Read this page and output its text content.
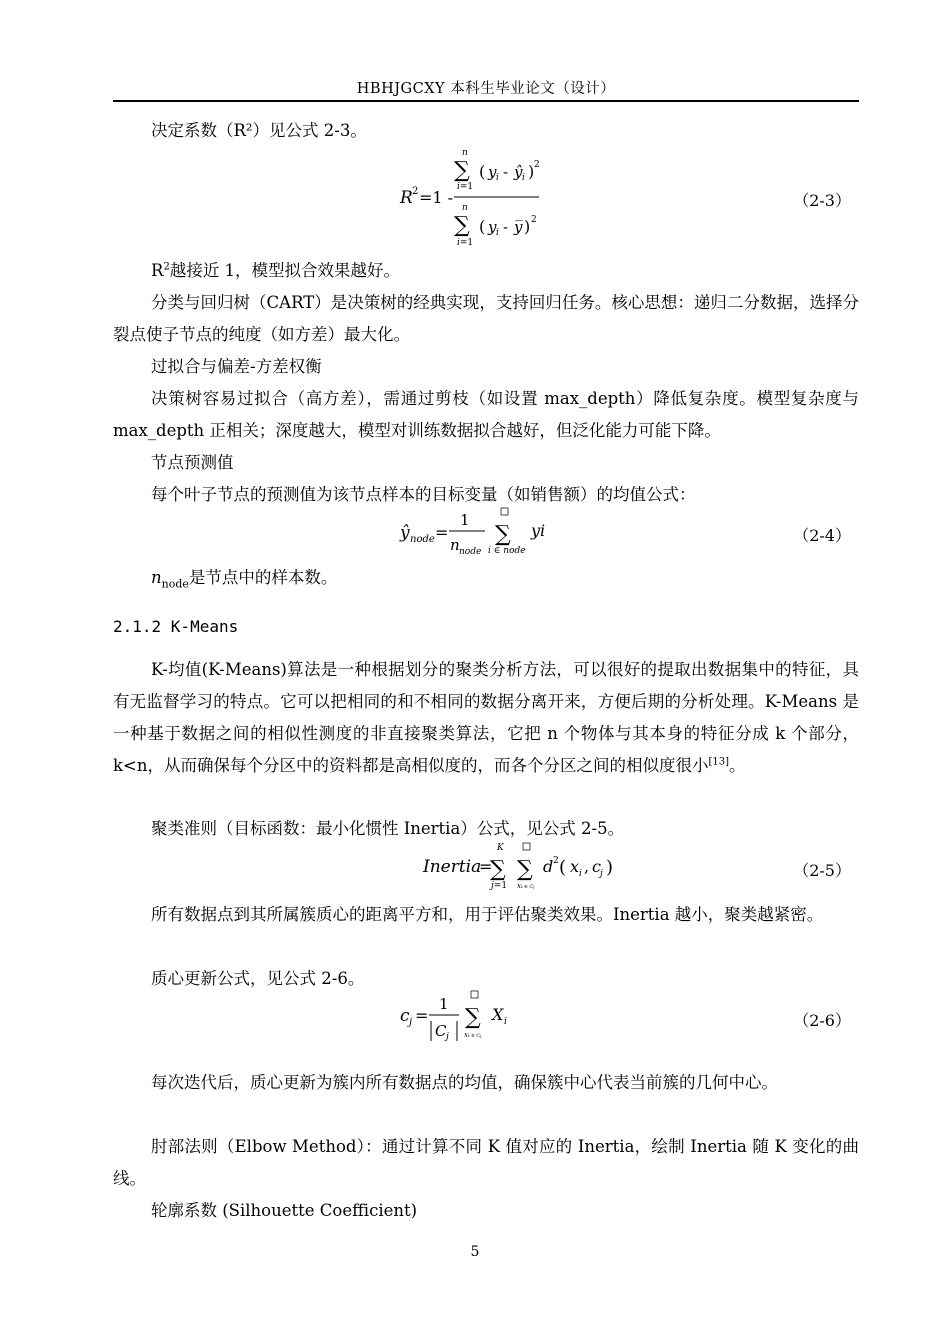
HBHJGCXY 本科生毕业论文（设计）
决定系数（R²）见公式 2-3。
R 2 =1 -
n
∑
i=1
( y i - ŷ i ) 2
n
∑
i=1
( y i - y̅ ) 2
（2-3）
$R^2$越接近 1，模型拟合效果越好。
分类与回归树（CART）是决策树的经典实现，支持回归任务。核心思想：递归二分数据，选择分裂点使子节点的纯度（如方差）最大化。
过拟合与偏差-方差权衡
决策树容易过拟合（高方差），需通过剪枝（如设置 max_depth）降低复杂度。模型复杂度与 max_depth 正相关；深度越大，模型对训练数据拟合越好，但泛化能力可能下降。
节点预测值
每个叶子节点的预测值为该节点样本的目标变量（如销售额）的均值公式：
ŷ node =
1
n node
∑
i ∈ node
yi	（2-4）
$n_{node}$是节点中的样本数。
2.1.2 K-Means
K-均值(K-Means)算法是一种根据划分的聚类分析方法，可以很好的提取出数据集中的特征，具有无监督学习的特点。它可以把相同的和不相同的数据分离开来，方便后期的分析处理。K-Means 是一种基于数据之间的相似性测度的非直接聚类算法，它把 n 个物体与其本身的特征分成 k 个部分，k<n，从而确保每个分区中的资料都是高相似度的，而各个分区之间的相似度很小[13]。
聚类准则（目标函数：最小化惯性 Inertia）公式，见公式 2-5。
Inertia
=
K
∑
j=1
∑
xi ∈ Cj
d 2 ( x i , c j )	（2-5）
所有数据点到其所属簇质心的距离平方和，用于评估聚类效果。Inertia 越小，聚类越紧密。
质心更新公式，见公式 2-6。
c j =
1
C j
∑
xi ∈ Cj
X i	（2-6）
每次迭代后，质心更新为簇内所有数据点的均值，确保簇中心代表当前簇的几何中心。
肘部法则（Elbow Method）：通过计算不同 K 值对应的 Inertia，绘制 Inertia 随 K 变化的曲线。
轮廓系数 (Silhouette Coefficient)
5
